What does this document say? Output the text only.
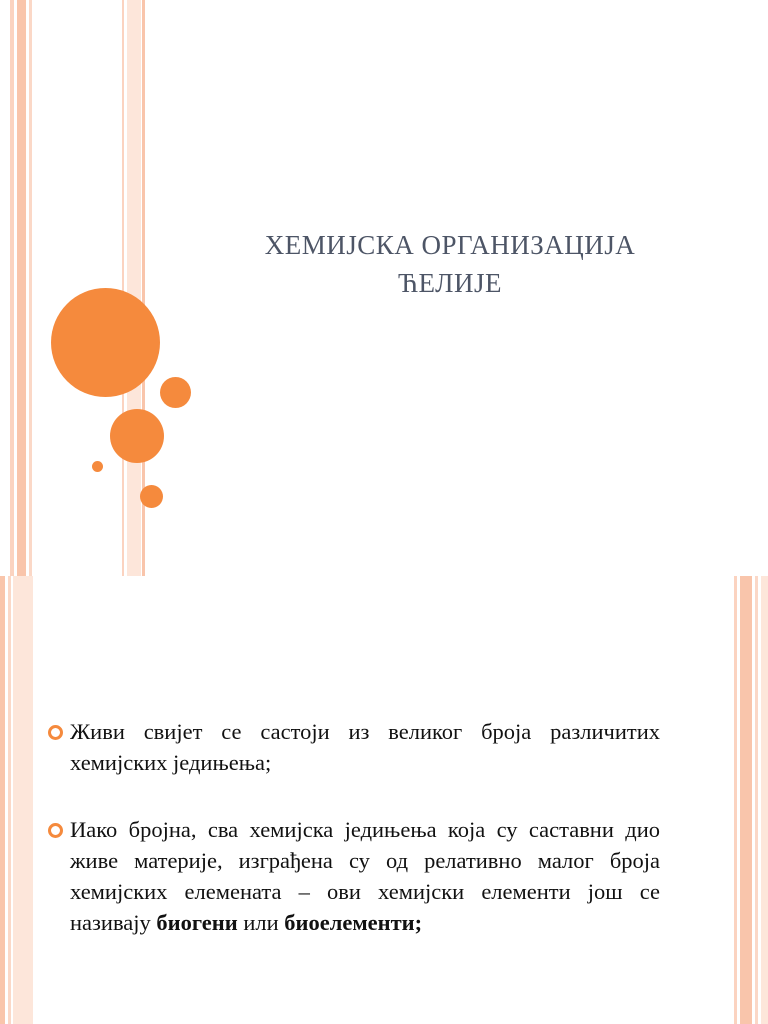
ХЕМИЈСКА ОРГАНИЗАЦИЈА
ЋЕЛИЈЕ
Живи свијет се састоји из великог броја различитих хемијских једињења;
Иако бројна, сва хемијска једињења која су саставни дио живе материје, изграђена су од релативно малог броја хемијских елемената – ови хемијски елементи још се називају биогени или биоелементи;
